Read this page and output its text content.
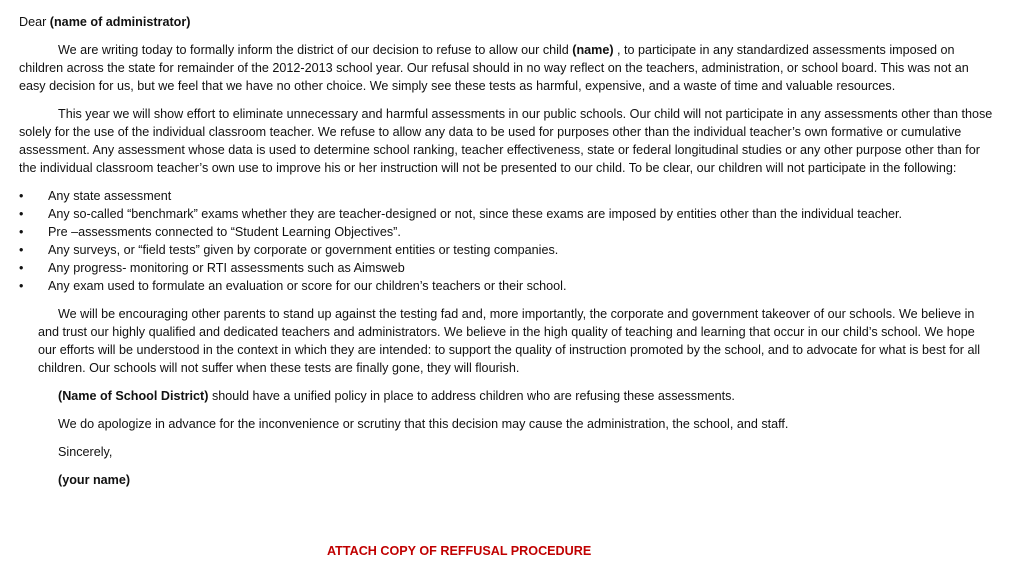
Dear (name of administrator)

We are writing today to formally inform the district of our decision to refuse to allow our child (name) , to participate in any standardized assessments imposed on children across the state for remainder of the 2012-2013 school year. Our refusal should in no way reflect on the teachers, administration, or school board. This was not an easy decision for us, but we feel that we have no other choice. We simply see these tests as harmful, expensive, and a waste of time and valuable resources.

This year we will show effort to eliminate unnecessary and harmful assessments in our public schools. Our child will not participate in any assessments other than those solely for the use of the individual classroom teacher. We refuse to allow any data to be used for purposes other than the individual teacher’s own formative or cumulative assessment. Any assessment whose data is used to determine school ranking, teacher effectiveness, state or federal longitudinal studies or any other purpose other than for the individual classroom teacher’s own use to improve his or her instruction will not be presented to our child. To be clear, our children will not participate in the following:

• Any state assessment
• Any so-called “benchmark” exams whether they are teacher-designed or not, since these exams are imposed by entities other than the individual teacher.
• Pre –assessments connected to “Student Learning Objectives”.
• Any surveys, or “field tests” given by corporate or government entities or testing companies.
• Any progress- monitoring or RTI assessments such as Aimsweb
• Any exam used to formulate an evaluation or score for our children’s teachers or their school.

We will be encouraging other parents to stand up against the testing fad and, more importantly, the corporate and government takeover of our schools. We believe in and trust our highly qualified and dedicated teachers and administrators. We believe in the high quality of teaching and learning that occur in our child’s school. We hope our efforts will be understood in the context in which they are intended: to support the quality of instruction promoted by the school, and to advocate for what is best for all children. Our schools will not suffer when these tests are finally gone, they will flourish.

(Name of School District) should have a unified policy in place to address children who are refusing these assessments.

We do apologize in advance for the inconvenience or scrutiny that this decision may cause the administration, the school, and staff.

Sincerely,

(your name)

ATTACH COPY OF REFFUSAL PROCEDURE
